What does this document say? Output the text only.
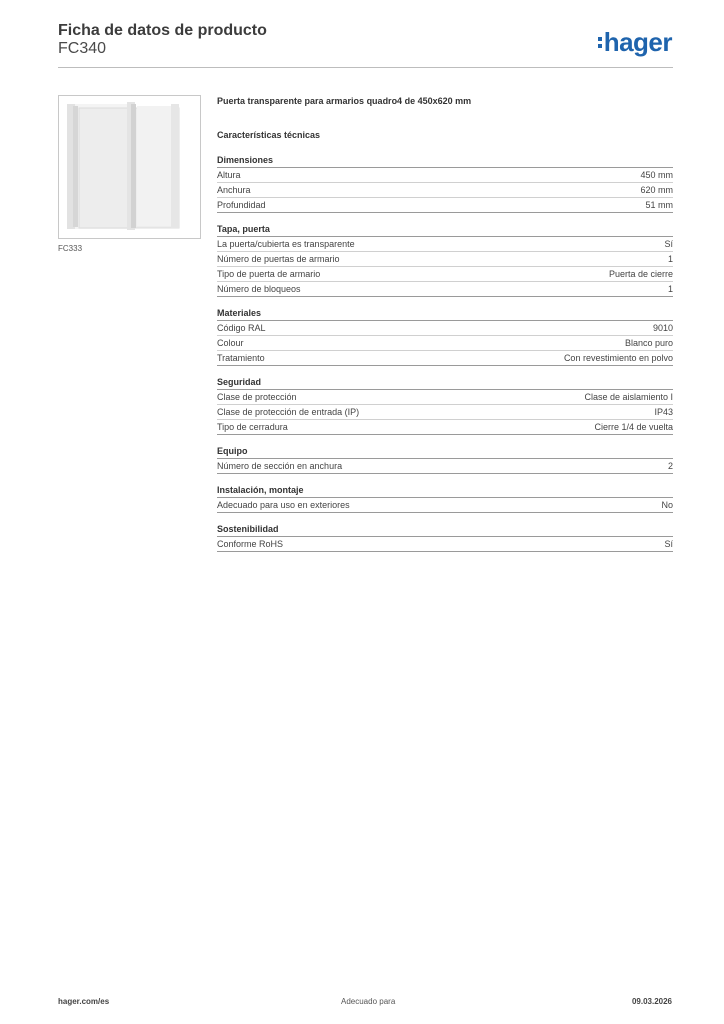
Ficha de datos de producto
FC340	hager
FC333
Puerta transparente para armarios quadro4 de 450x620 mm
Características técnicas
Dimensiones
Altura	450 mm
Anchura	620 mm
Profundidad	51 mm
Tapa, puerta
La puerta/cubierta es transparente	Sí
Número de puertas de armario	1
Tipo de puerta de armario	Puerta de cierre
Número de bloqueos	1
Materiales
Código RAL	9010
Colour	Blanco puro
Tratamiento	Con revestimiento en polvo
Seguridad
Clase de protección	Clase de aislamiento I
Clase de protección de entrada (IP)	IP43
Tipo de cerradura	Cierre 1/4 de vuelta
Equipo
Número de sección en anchura	2
Instalación, montaje
Adecuado para uso en exteriores	No
Sostenibilidad
Conforme RoHS	Sí
hager.com/es	Adecuado para	09.03.2026
